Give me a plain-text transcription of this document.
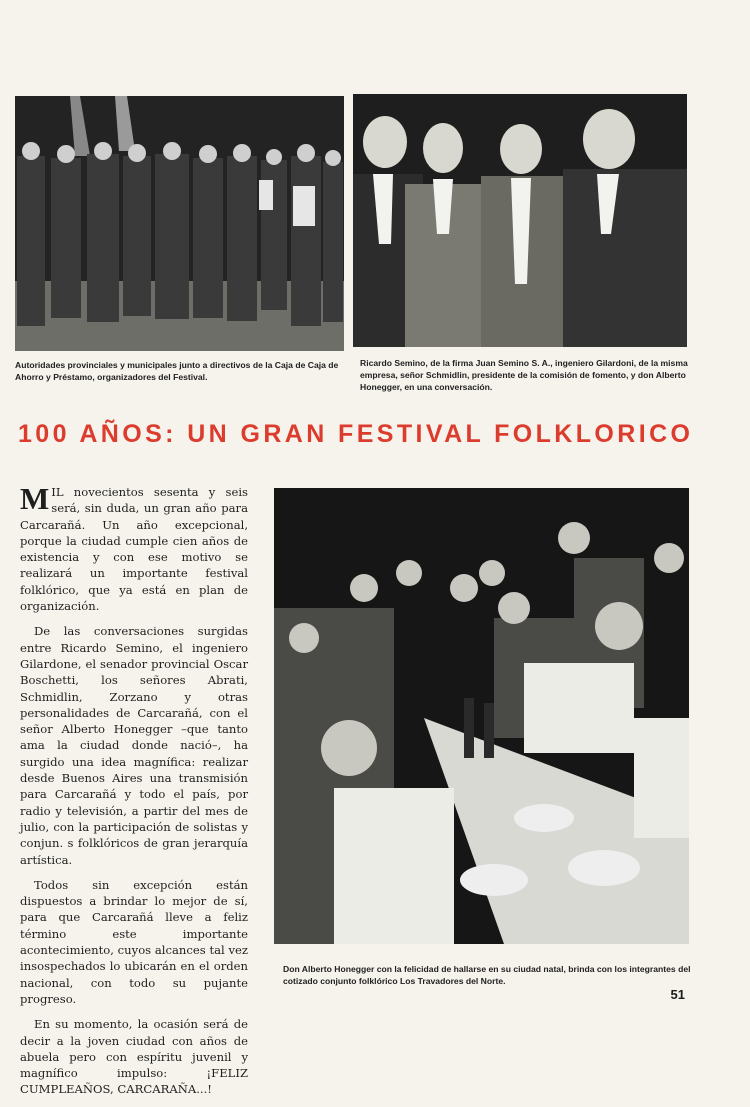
Autoridades provinciales y municipales junto a directivos de la Caja de Caja de Ahorro y Préstamo, organizadores del Festival.
Ricardo Semino, de la firma Juan Semino S. A., ingeniero Gilardoni, de la misma empresa, señor Schmidlin, presidente de la comisión de fomento, y don Alberto Honegger, en una conversación.
100 AÑOS: UN GRAN FESTIVAL FOLKLORICO

MIL novecientos sesenta y seis será, sin duda, un gran año para Carcarañá. Un año excepcional, porque la ciudad cumple cien años de existencia y con ese motivo se realizará un importante festival folklórico, que ya está en plan de organización.

De las conversaciones surgidas entre Ricardo Semino, el ingeniero Gilardone, el senador provincial Oscar Boschetti, los señores Abrati, Schmidlin, Zorzano y otras personalidades de Carcarañá, con el señor Alberto Honegger –que tanto ama la ciudad donde nació–, ha surgido una idea magnífica: realizar desde Buenos Aires una transmisión para Carcarañá y todo el país, por radio y televisión, a partir del mes de julio, con la participación de solistas y conjun. s folklóricos de gran jerarquía artística.

Todos sin excepción están dispuestos a brindar lo mejor de sí, para que Carcarañá lleve a feliz término este importante acontecimiento, cuyos alcances tal vez insospechados lo ubicarán en el orden nacional, con todo su pujante progreso.

En su momento, la ocasión será de decir a la joven ciudad con años de abuela pero con espíritu juvenil y magnífico impulso: ¡FELIZ CUMPLEAÑOS, CARCARAÑA...!

Don Alberto Honegger con la felicidad de hallarse en su ciudad natal, brinda con los integrantes del cotizado conjunto folklórico Los Travadores del Norte.
51
